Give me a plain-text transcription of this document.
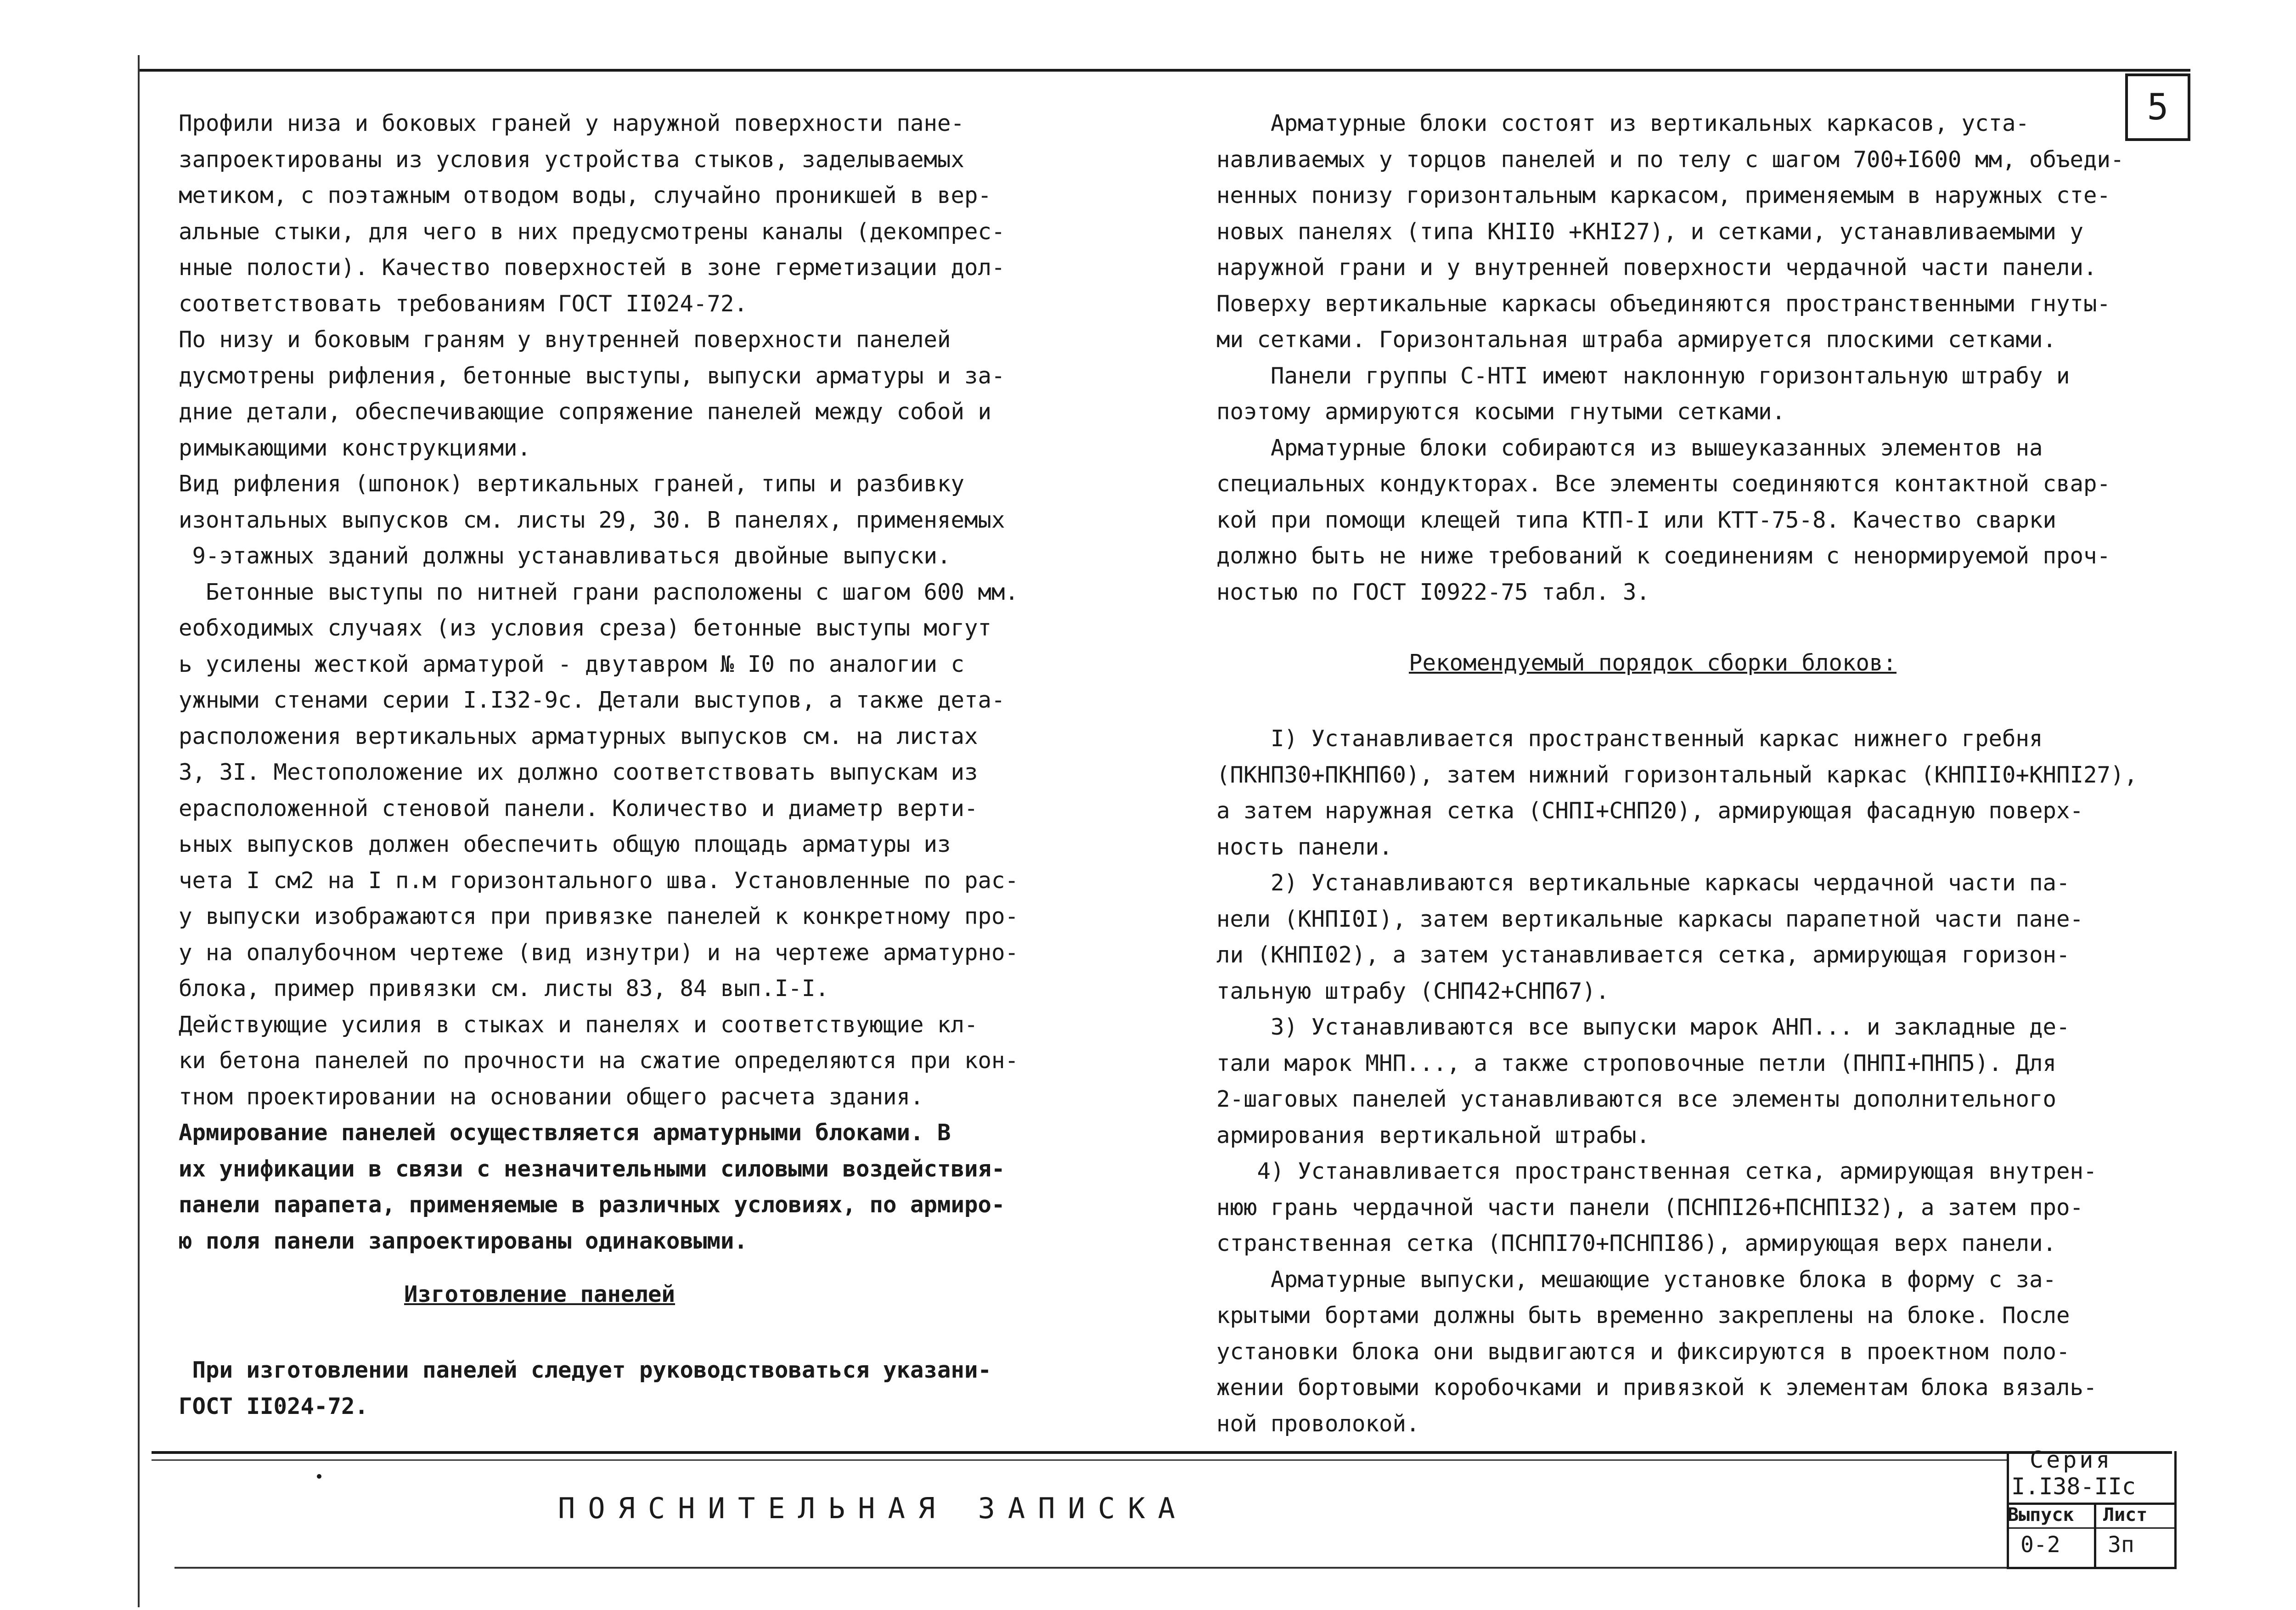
5

Профили низа и боковых граней у наружной поверхности пане-

запроектированы из условия устройства стыков, заделываемых

метиком, с поэтажным отводом воды, случайно проникшей в вер-

альные стыки, для чего в них предусмотрены каналы (декомпрес-

нные полости). Качество поверхностей в зоне герметизации дол-

соответствовать требованиям ГОСТ II024-72.

По низу и боковым граням у внутренней поверхности панелей

дусмотрены рифления, бетонные выступы, выпуски арматуры и за-

дние детали, обеспечивающие сопряжение панелей между собой и

римыкающими конструкциями.

Вид рифления (шпонок) вертикальных граней, типы и разбивку

изонтальных выпусков см. листы 29, 30. В панелях, применяемых

9-этажных зданий должны устанавливаться двойные выпуски.

Бетонные выступы по нитней грани расположены с шагом 600 мм.

еобходимых случаях (из условия среза) бетонные выступы могут

ь усилены жесткой арматурой - двутавром № I0 по аналогии с

ужными стенами серии I.I32-9с. Детали выступов, а также дета-

расположения вертикальных арматурных выпусков см. на листах

3, 3I. Местоположение их должно соответствовать выпускам из

ерасположенной стеновой панели. Количество и диаметр верти-

ьных выпусков должен обеспечить общую площадь арматуры из

чета I см2 на I п.м горизонтального шва. Установленные по рас-

у выпуски изображаются при привязке панелей к конкретному про-

у на опалубочном чертеже (вид изнутри) и на чертеже арматурно-

блока, пример привязки см. листы 83, 84 вып.I-I.

Действующие усилия в стыках и панелях и соответствующие кл-

ки бетона панелей по прочности на сжатие определяются при кон-

тном проектировании на основании общего расчета здания.

Армирование панелей осуществляется арматурными блоками. В

их унификации в связи с незначительными силовыми воздействия-

панели парапета, применяемые в различных условиях, по армиро-

ю поля панели запроектированы одинаковыми.

Изготовление панелей

При изготовлении панелей следует руководствоваться указани-

ГОСТ II024-72.

Арматурные блоки состоят из вертикальных каркасов, уста-

навливаемых у торцов панелей и по телу с шагом 700+I600 мм, объеди-

ненных понизу горизонтальным каркасом, применяемым в наружных сте-

новых панелях (типа КНII0 +КНI27), и сетками, устанавливаемыми у

наружной грани и у внутренней поверхности чердачной части панели.

Поверху вертикальные каркасы объединяются пространственными гнуты-

ми сетками. Горизонтальная штраба армируется плоскими сетками.

Панели группы С-НТI имеют наклонную горизонтальную штрабу и

поэтому армируются косыми гнутыми сетками.

Арматурные блоки собираются из вышеуказанных элементов на

специальных кондукторах. Все элементы соединяются контактной свар-

кой при помощи клещей типа КТП-I или КТТ-75-8. Качество сварки

должно быть не ниже требований к соединениям с ненормируемой проч-

ностью по ГОСТ I0922-75 табл. 3.

Рекомендуемый порядок сборки блоков:

I) Устанавливается пространственный каркас нижнего гребня

(ПКНПЗ0+ПКНП60), затем нижний горизонтальный каркас (КНПII0+КНПI27),

а затем наружная сетка (СНПI+СНП20), армирующая фасадную поверх-

ность панели.

2) Устанавливаются вертикальные каркасы чердачной части па-

нели (КНПI0I), затем вертикальные каркасы парапетной части пане-

ли (КНПI02), а затем устанавливается сетка, армирующая горизон-

тальную штрабу (СНП42+СНП67).

3) Устанавливаются все выпуски марок АНП... и закладные де-

тали марок МНП..., а также строповочные петли (ПНПI+ПНП5). Для

2-шаговых панелей устанавливаются все элементы дополнительного

армирования вертикальной штрабы.

4) Устанавливается пространственная сетка, армирующая внутрен-

нюю грань чердачной части панели (ПСНПI26+ПСНПI32), а затем про-

странственная сетка (ПСНПI70+ПСНПI86), армирующая верх панели.

Арматурные выпуски, мешающие установке блока в форму с за-

крытыми бортами должны быть временно закреплены на блоке. После

установки блока они выдвигаются и фиксируются в проектном поло-

жении бортовыми коробочками и привязкой к элементам блока вязаль-

ной проволокой.

ПОЯСНИТЕЛЬНАЯ ЗАПИСКА
Серия
I.I38-IIс
Выпуск Лист
0-2 3п
